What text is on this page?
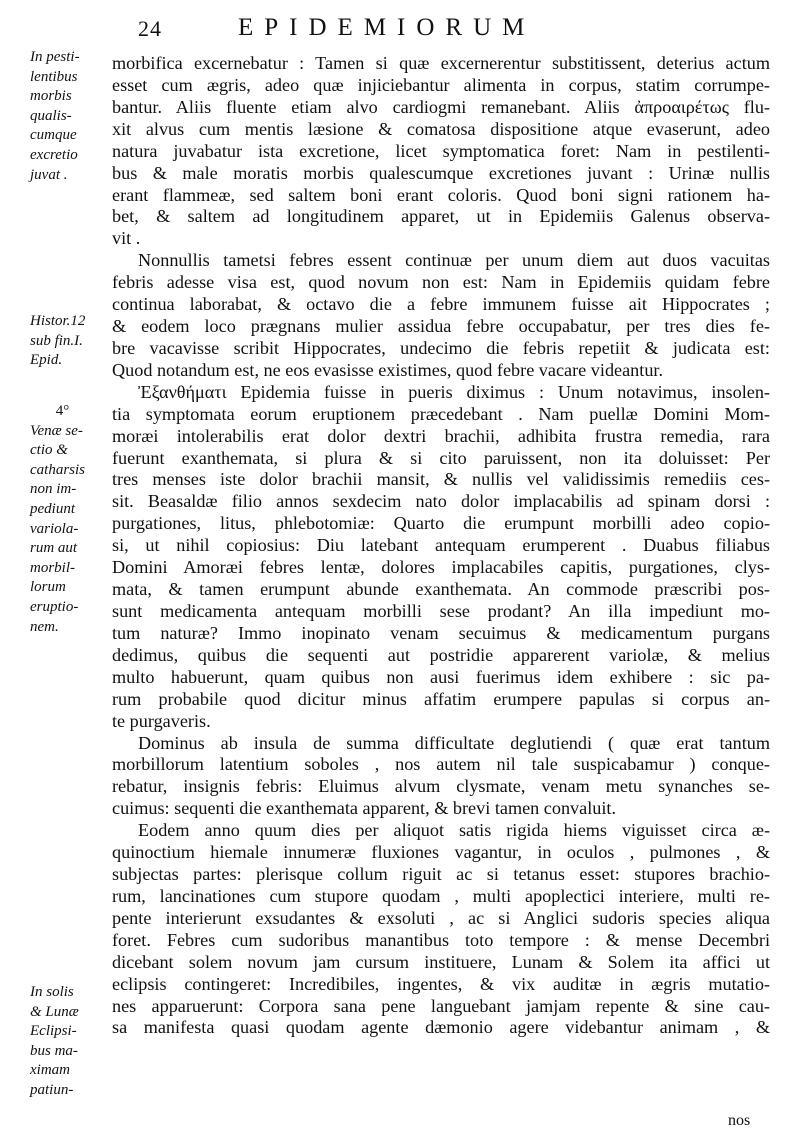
24	EPIDEMIORUM
In pesti-
lentibus
morbis
qualis-
cumque
excretio
juvat .
Histor.12
sub fin.I.
Epid.
4°
Venæ se-
ctio &
catharsis
non im-
pediunt
variola-
rum aut
morbil-
lorum
eruptio-
nem.
In solis
& Lunæ
Eclipsi-
bus ma-
ximam
patiun-
morbifica excernebatur : Tamen si quæ excernerentur substitissent, deterius actum
esset cum ægris, adeo quæ injiciebantur alimenta in corpus, statim corrumpe-
bantur. Aliis fluente etiam alvo cardiogmi remanebant. Aliis ἀπροαιρέτως flu-
xit alvus cum mentis læsione & comatosa dispositione atque evaserunt, adeo
natura juvabatur ista excretione, licet symptomatica foret: Nam in pestilenti-
bus & male moratis morbis qualescumque excretiones juvant : Urinæ nullis
erant flammeæ, sed saltem boni erant coloris. Quod boni signi rationem ha-
bet, & saltem ad longitudinem apparet, ut in Epidemiis Galenus observa-
vit .
Nonnullis tametsi febres essent continuæ per unum diem aut duos vacuitas
febris adesse visa est, quod novum non est: Nam in Epidemiis quidam febre
continua laborabat, & octavo die a febre immunem fuisse ait Hippocrates ;
& eodem loco prægnans mulier assidua febre occupabatur, per tres dies fe-
bre vacavisse scribit Hippocrates, undecimo die febris repetiit & judicata est:
Quod notandum est, ne eos evasisse existimes, quod febre vacare videantur.
Ἐξανθήματι Epidemia fuisse in pueris diximus : Unum notavimus, insolen-
tia symptomata eorum eruptionem præcedebant . Nam puellæ Domini Mom-
moræi intolerabilis erat dolor dextri brachii, adhibita frustra remedia, rara
fuerunt exanthemata, si plura & si cito paruissent, non ita doluisset: Per
tres menses iste dolor brachii mansit, & nullis vel validissimis remediis ces-
sit. Beasaldæ filio annos sexdecim nato dolor implacabilis ad spinam dorsi :
purgationes, litus, phlebotomiæ: Quarto die erumpunt morbilli adeo copio-
si, ut nihil copiosius: Diu latebant antequam erumperent . Duabus filiabus
Domini Amoræi febres lentæ, dolores implacabiles capitis, purgationes, clys-
mata, & tamen erumpunt abunde exanthemata. An commode præscribi pos-
sunt medicamenta antequam morbilli sese prodant? An illa impediunt mo-
tum naturæ? Immo inopinato venam secuimus & medicamentum purgans
dedimus, quibus die sequenti aut postridie apparerent variolæ, & melius
multo habuerunt, quam quibus non ausi fuerimus idem exhibere : sic pa-
rum probabile quod dicitur minus affatim erumpere papulas si corpus an-
te purgaveris.
Dominus ab insula de summa difficultate deglutiendi ( quæ erat tantum
morbillorum latentium soboles , nos autem nil tale suspicabamur ) conque-
rebatur, insignis febris: Eluimus alvum clysmate, venam metu synanches se-
cuimus: sequenti die exanthemata apparent, & brevi tamen convaluit.
Eodem anno quum dies per aliquot satis rigida hiems viguisset circa æ-
quinoctium hiemale innumeræ fluxiones vagantur, in oculos , pulmones , &
subjectas partes: plerisque collum riguit ac si tetanus esset: stupores brachio-
rum, lancinationes cum stupore quodam , multi apoplectici interiere, multi re-
pente interierunt exsudantes & exsoluti , ac si Anglici sudoris species aliqua
foret. Febres cum sudoribus manantibus toto tempore : & mense Decembri
dicebant solem novum jam cursum instituere, Lunam & Solem ita affici ut
eclipsis contingeret: Incredibiles, ingentes, & vix auditæ in ægris mutatio-
nes apparuerunt: Corpora sana pene languebant jamjam repente & sine cau-
sa manifesta quasi quodam agente dæmonio agere videbantur animam , &
nos
